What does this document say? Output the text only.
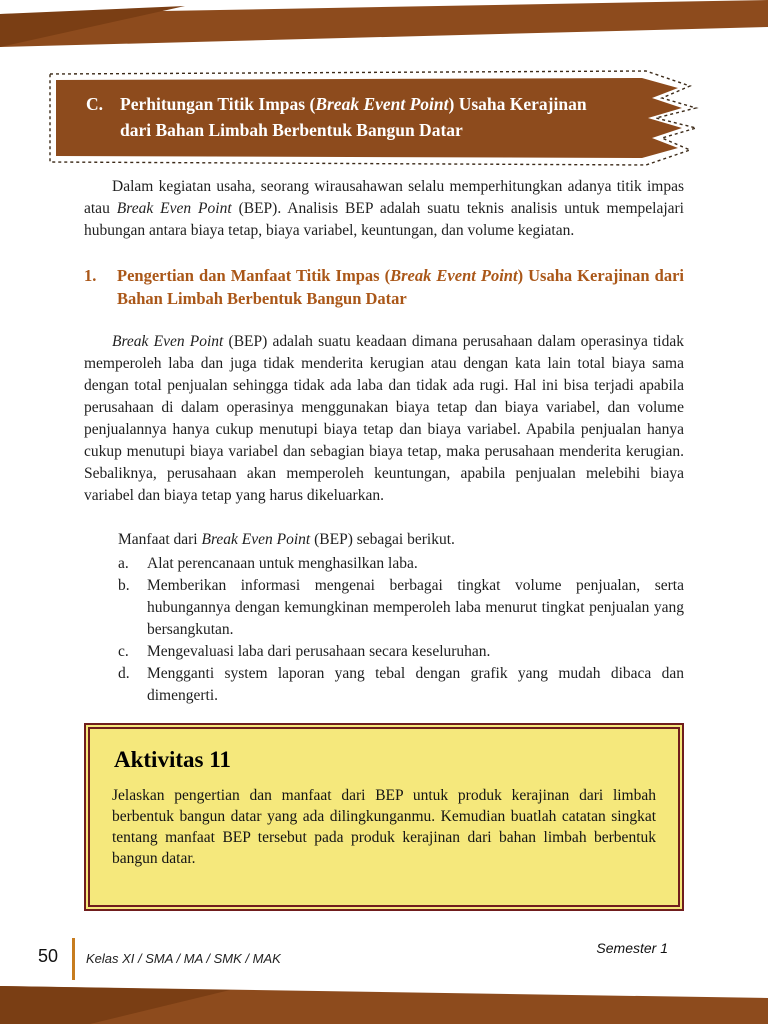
C. Perhitungan Titik Impas (Break Event Point) Usaha Kerajinan dari Bahan Limbah Berbentuk Bangun Datar

Dalam kegiatan usaha, seorang wirausahawan selalu memperhitungkan adanya titik impas atau Break Even Point (BEP). Analisis BEP adalah suatu teknis analisis untuk mempelajari hubungan antara biaya tetap, biaya variabel, keuntungan, dan volume kegiatan.

1.	Pengertian dan Manfaat Titik Impas (Break Event Point) Usaha Kerajinan dari Bahan Limbah Berbentuk Bangun Datar

Break Even Point (BEP) adalah suatu keadaan dimana perusahaan dalam operasinya tidak memperoleh laba dan juga tidak menderita kerugian atau dengan kata lain total biaya sama dengan total penjualan sehingga tidak ada laba dan tidak ada rugi. Hal ini bisa terjadi apabila perusahaan di dalam operasinya menggunakan biaya tetap dan biaya variabel, dan volume penjualannya hanya cukup menutupi biaya tetap dan biaya variabel. Apabila penjualan hanya cukup menutupi biaya variabel dan sebagian biaya tetap, maka perusahaan menderita kerugian. Sebaliknya, perusahaan akan memperoleh keuntungan, apabila penjualan melebihi biaya variabel dan biaya tetap yang harus dikeluarkan.

Manfaat dari Break Even Point (BEP) sebagai berikut.

a.	Alat perencanaan untuk menghasilkan laba.
b.	Memberikan informasi mengenai berbagai tingkat volume penjualan, serta hubungannya dengan kemungkinan memperoleh laba menurut tingkat penjualan yang bersangkutan.
c.	Mengevaluasi laba dari perusahaan secara keseluruhan.
d.	Mengganti system laporan yang tebal dengan grafik yang mudah dibaca dan dimengerti.
Aktivitas 11

Jelaskan pengertian dan manfaat dari BEP untuk produk kerajinan dari limbah berbentuk bangun datar yang ada dilingkunganmu. Kemudian buatlah catatan singkat tentang manfaat BEP tersebut pada produk kerajinan dari bahan limbah berbentuk bangun datar.

50 Kelas XI / SMA / MA / SMK / MAK
Semester 1
